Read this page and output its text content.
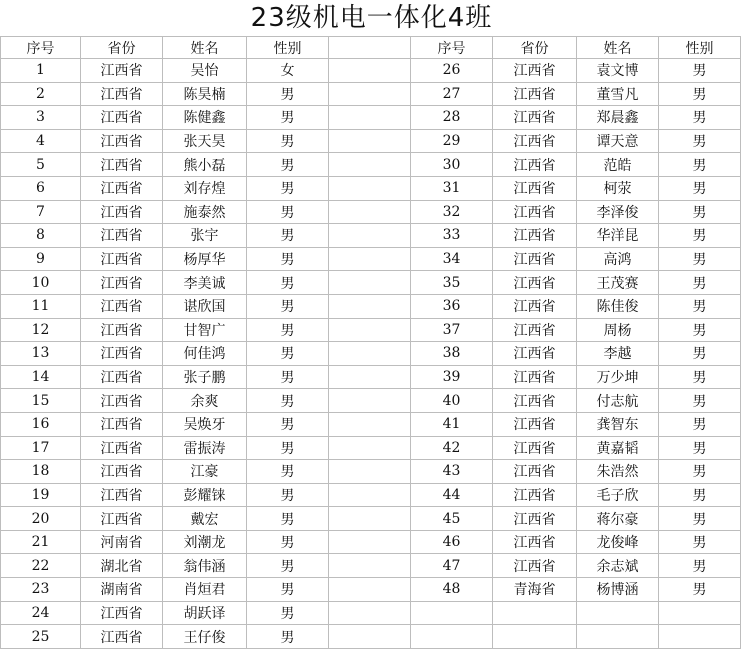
23级机电一体化4班
序号	省份	姓名	性别		序号	省份	姓名	性别
1	江西省	吴怡	女		26	江西省	袁文博	男
2	江西省	陈昊楠	男		27	江西省	董雪凡	男
3	江西省	陈健鑫	男		28	江西省	郑晨鑫	男
4	江西省	张天昊	男		29	江西省	谭天意	男
5	江西省	熊小磊	男		30	江西省	范皓	男
6	江西省	刘存煌	男		31	江西省	柯荥	男
7	江西省	施泰然	男		32	江西省	李泽俊	男
8	江西省	张宇	男		33	江西省	华洋昆	男
9	江西省	杨厚华	男		34	江西省	高鸿	男
10	江西省	李美诚	男		35	江西省	王茂赛	男
11	江西省	谌欣国	男		36	江西省	陈佳俊	男
12	江西省	甘智广	男		37	江西省	周杨	男
13	江西省	何佳鸿	男		38	江西省	李越	男
14	江西省	张子鹏	男		39	江西省	万少坤	男
15	江西省	余爽	男		40	江西省	付志航	男
16	江西省	吴焕牙	男		41	江西省	龚智东	男
17	江西省	雷振涛	男		42	江西省	黄嘉韬	男
18	江西省	江豪	男		43	江西省	朱浩然	男
19	江西省	彭耀铼	男		44	江西省	毛子欣	男
20	江西省	戴宏	男		45	江西省	蒋尔豪	男
21	河南省	刘潮龙	男		46	江西省	龙俊峰	男
22	湖北省	翁伟涵	男		47	江西省	余志斌	男
23	湖南省	肖烜君	男		48	青海省	杨博涵	男
24	江西省	胡跃译	男					
25	江西省	王仔俊	男					
